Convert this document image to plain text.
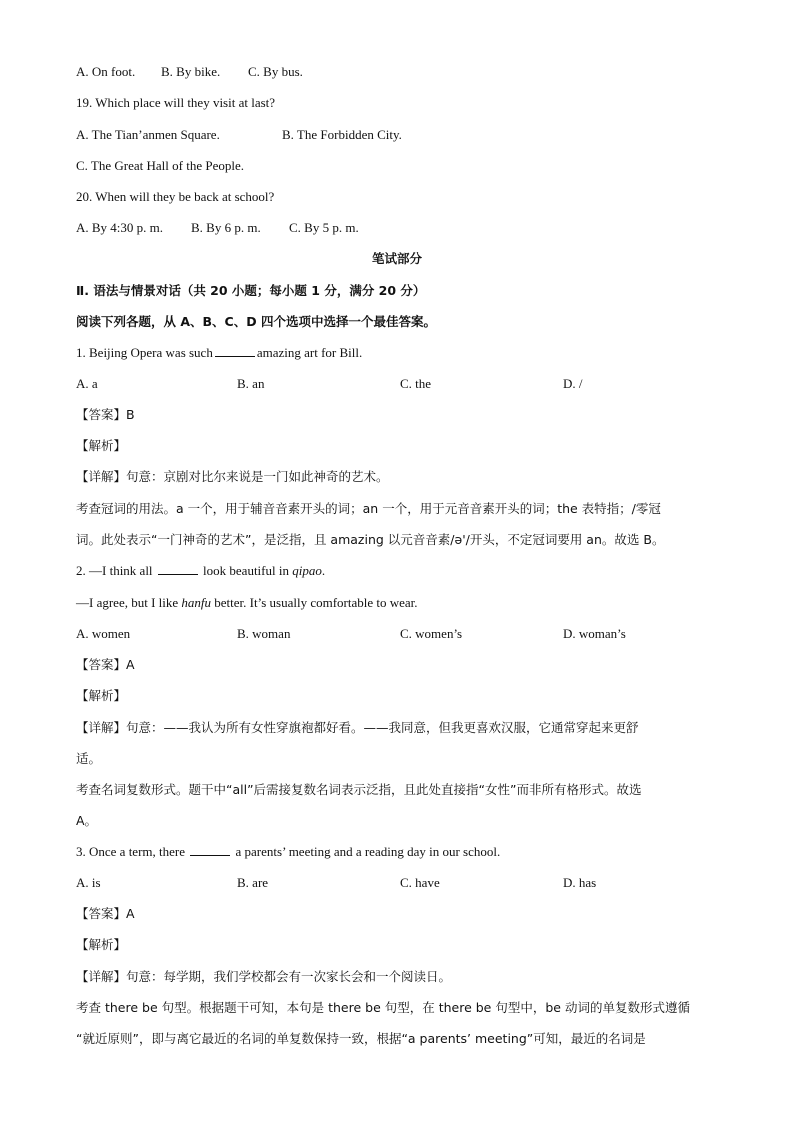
A. On foot. B. By bike. C. By bus.
19. Which place will they visit at last?
A. The Tian’anmen Square.	B. The Forbidden City.
C. The Great Hall of the People.
20. When will they be back at school?
A. By 4:30 p. m. B. By 6 p. m. C. By 5 p. m.
笔试部分
Ⅱ. 语法与情景对话（共 20 小题；每小题 1 分，满分 20 分）
阅读下列各题，从 A、B、C、D 四个选项中选择一个最佳答案。
1. Beijing Opera was such	amazing art for Bill.
A. a	B. an	C. the	D. /
【答案】B
【解析】
【详解】句意：京剧对比尔来说是一门如此神奇的艺术。
考查冠词的用法。a 一个，用于辅音音素开头的词；an 一个，用于元音音素开头的词；the 表特指；/零冠
词。此处表示“一门神奇的艺术”，是泛指，且 amazing 以元音音素/ə'/开头，不定冠词要用 an。故选 B。
2. —I think all	look beautiful in qipao.
—I agree, but I like hanfu better. It’s usually comfortable to wear.
A. women	B. woman	C. women’s	D. woman’s
【答案】A
【解析】
【详解】句意：——我认为所有女性穿旗袍都好看。——我同意，但我更喜欢汉服，它通常穿起来更舒
适。
考查名词复数形式。题干中“all”后需接复数名词表示泛指，且此处直接指“女性”而非所有格形式。故选
A。
3. Once a term, there	a parents’ meeting and a reading day in our school.
A. is	B. are	C. have	D. has
【答案】A
【解析】
【详解】句意：每学期，我们学校都会有一次家长会和一个阅读日。
考查 there be 句型。根据题干可知，本句是 there be 句型，在 there be 句型中，be 动词的单复数形式遵循
“就近原则”，即与离它最近的名词的单复数保持一致，根据“a parents’ meeting”可知，最近的名词是
